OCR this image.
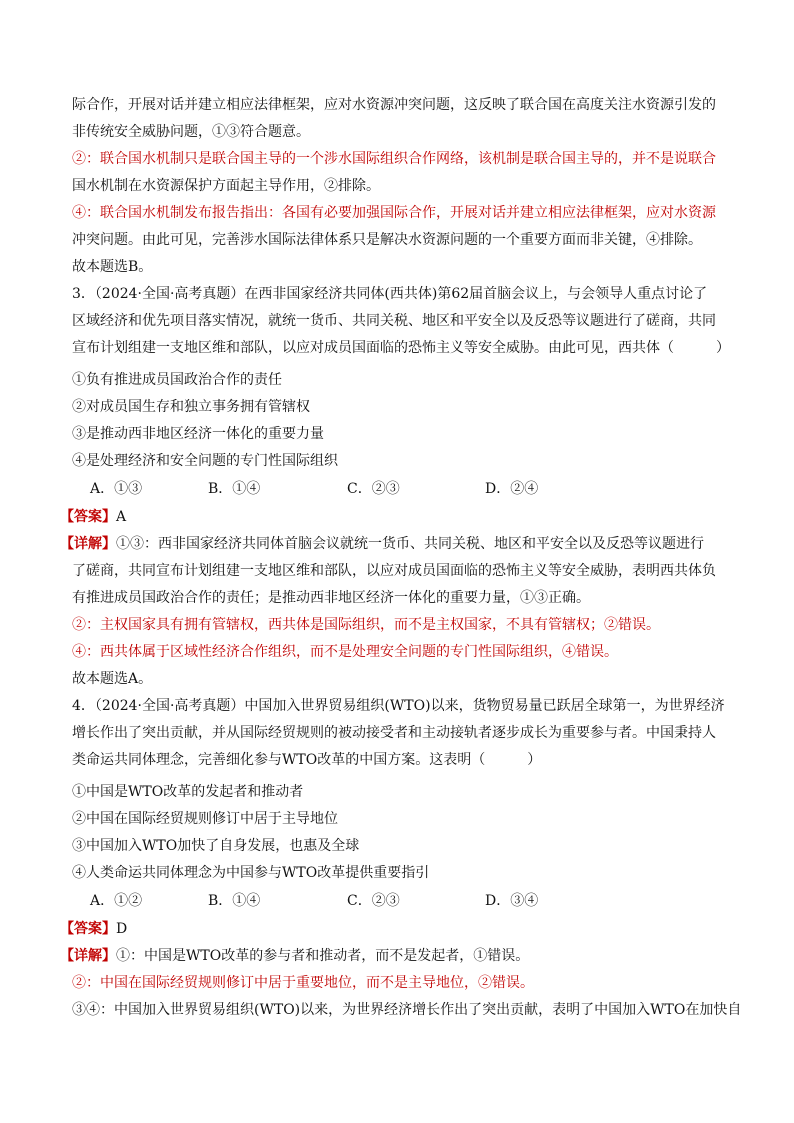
际合作，开展对话并建立相应法律框架，应对水资源冲突问题，这反映了联合国在高度关注水资源引发的
非传统安全威胁问题，①③符合题意。
②：联合国水机制只是联合国主导的一个涉水国际组织合作网络，该机制是联合国主导的，并不是说联合
国水机制在水资源保护方面起主导作用，②排除。
④：联合国水机制发布报告指出：各国有必要加强国际合作，开展对话并建立相应法律框架，应对水资源
冲突问题。由此可见，完善涉水国际法律体系只是解决水资源问题的一个重要方面而非关键，④排除。
故本题选B。
3．（2024·全国·高考真题）在西非国家经济共同体(西共体)第62届首脑会议上，与会领导人重点讨论了
区域经济和优先项目落实情况，就统一货币、共同关税、地区和平安全以及反恐等议题进行了磋商，共同
宣布计划组建一支地区维和部队，以应对成员国面临的恐怖主义等安全威胁。由此可见，西共体（　　　）
①负有推进成员国政治合作的责任
②对成员国生存和独立事务拥有管辖权
③是推动西非地区经济一体化的重要力量
④是处理经济和安全问题的专门性国际组织
A．①③	B．①④	C．②③	D．②④
【答案】A
【详解】①③：西非国家经济共同体首脑会议就统一货币、共同关税、地区和平安全以及反恐等议题进行
了磋商，共同宣布计划组建一支地区维和部队，以应对成员国面临的恐怖主义等安全威胁，表明西共体负
有推进成员国政治合作的责任；是推动西非地区经济一体化的重要力量，①③正确。
②：主权国家具有拥有管辖权，西共体是国际组织，而不是主权国家，不具有管辖权；②错误。
④：西共体属于区域性经济合作组织，而不是处理安全问题的专门性国际组织，④错误。
故本题选A。
4．（2024·全国·高考真题）中国加入世界贸易组织(WTO)以来，货物贸易量已跃居全球第一，为世界经济
增长作出了突出贡献，并从国际经贸规则的被动接受者和主动接轨者逐步成长为重要参与者。中国秉持人
类命运共同体理念，完善细化参与WTO改革的中国方案。这表明（　　　）
①中国是WTO改革的发起者和推动者
②中国在国际经贸规则修订中居于主导地位
③中国加入WTO加快了自身发展，也惠及全球
④人类命运共同体理念为中国参与WTO改革提供重要指引
A．①②	B．①④	C．②③	D．③④
【答案】D
【详解】①：中国是WTO改革的参与者和推动者，而不是发起者，①错误。
②：中国在国际经贸规则修订中居于重要地位，而不是主导地位，②错误。
③④：中国加入世界贸易组织(WTO)以来，为世界经济增长作出了突出贡献，表明了中国加入WTO在加快自
